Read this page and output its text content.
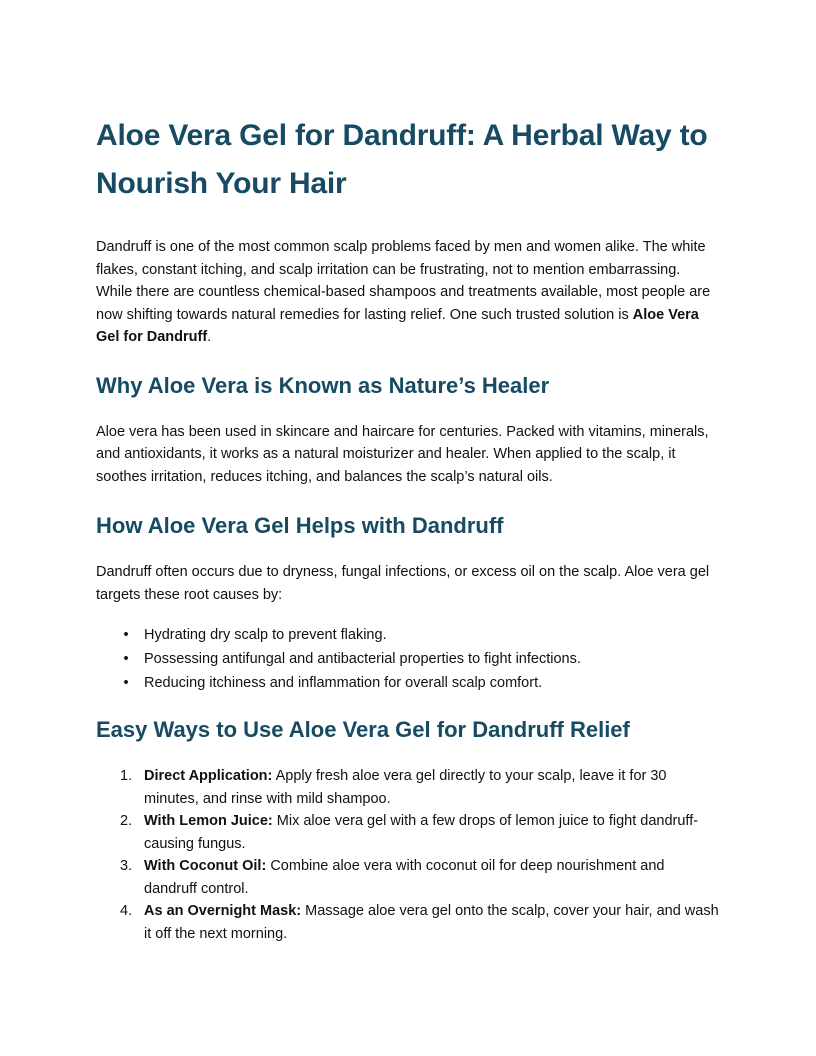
Aloe Vera Gel for Dandruff: A Herbal Way to Nourish Your Hair

Dandruff is one of the most common scalp problems faced by men and women alike. The white flakes, constant itching, and scalp irritation can be frustrating, not to mention embarrassing. While there are countless chemical-based shampoos and treatments available, most people are now shifting towards natural remedies for lasting relief. One such trusted solution is Aloe Vera Gel for Dandruff.

Why Aloe Vera is Known as Nature’s Healer

Aloe vera has been used in skincare and haircare for centuries. Packed with vitamins, minerals, and antioxidants, it works as a natural moisturizer and healer. When applied to the scalp, it soothes irritation, reduces itching, and balances the scalp’s natural oils.

How Aloe Vera Gel Helps with Dandruff

Dandruff often occurs due to dryness, fungal infections, or excess oil on the scalp. Aloe vera gel targets these root causes by:

• Hydrating dry scalp to prevent flaking.
• Possessing antifungal and antibacterial properties to fight infections.
• Reducing itchiness and inflammation for overall scalp comfort.
Easy Ways to Use Aloe Vera Gel for Dandruff Relief
1. Direct Application: Apply fresh aloe vera gel directly to your scalp, leave it for 30 minutes, and rinse with mild shampoo.
2. With Lemon Juice: Mix aloe vera gel with a few drops of lemon juice to fight dandruff-causing fungus.
3. With Coconut Oil: Combine aloe vera with coconut oil for deep nourishment and dandruff control.
4. As an Overnight Mask: Massage aloe vera gel onto the scalp, cover your hair, and wash it off the next morning.
